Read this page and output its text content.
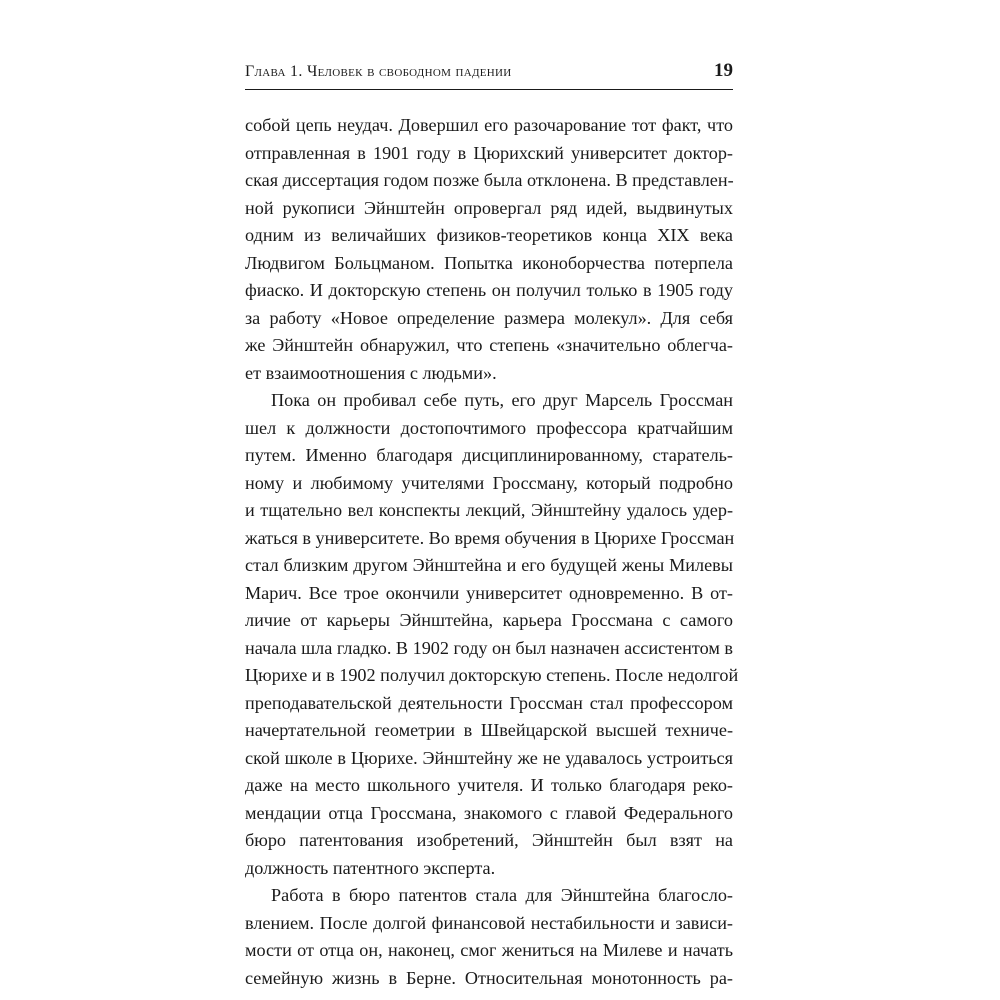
Глава 1. Человек в свободном падении	19
собой цепь неудач. Довершил его разочарование тот факт, что
отправленная в 1901 году в Цюрихский университет доктор-
ская диссертация годом позже была отклонена. В представлен-
ной рукописи Эйнштейн опровергал ряд идей, выдвинутых
одним из величайших физиков-теоретиков конца XIX века
Людвигом Больцманом. Попытка иконоборчества потерпела
фиаско. И докторскую степень он получил только в 1905 году
за работу «Новое определение размера молекул». Для себя
же Эйнштейн обнаружил, что степень «значительно облегча-
ет взаимоотношения с людьми».
Пока он пробивал себе путь, его друг Марсель Гроссман
шел к должности достопочтимого профессора кратчайшим
путем. Именно благодаря дисциплинированному, старатель-
ному и любимому учителями Гроссману, который подробно
и тщательно вел конспекты лекций, Эйнштейну удалось удер-
жаться в университете. Во время обучения в Цюрихе Гроссман
стал близким другом Эйнштейна и его будущей жены Милевы
Марич. Все трое окончили университет одновременно. В от-
личие от карьеры Эйнштейна, карьера Гроссмана с самого
начала шла гладко. В 1902 году он был назначен ассистентом в
Цюрихе и в 1902 получил докторскую степень. После недолгой
преподавательской деятельности Гроссман стал профессором
начертательной геометрии в Швейцарской высшей техниче-
ской школе в Цюрихе. Эйнштейну же не удавалось устроиться
даже на место школьного учителя. И только благодаря реко-
мендации отца Гроссмана, знакомого с главой Федерального
бюро патентования изобретений, Эйнштейн был взят на
должность патентного эксперта.
Работа в бюро патентов стала для Эйнштейна благосло-
влением. После долгой финансовой нестабильности и зависи-
мости от отца он, наконец, смог жениться на Милеве и начать
семейную жизнь в Берне. Относительная монотонность ра-
